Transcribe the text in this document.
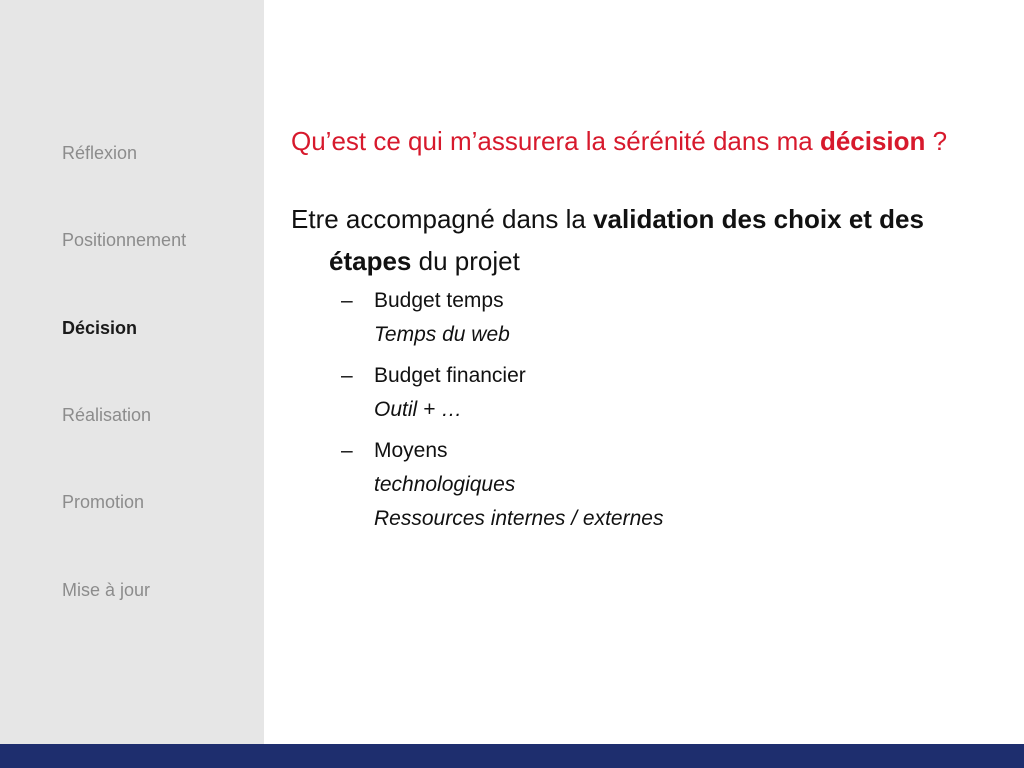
Réflexion
Positionnement
Décision
Réalisation
Promotion
Mise à jour
Qu’est ce qui m’assurera la sérénité dans ma décision ?
Etre accompagné dans la validation des choix et des étapes du projet
– Budget temps
Temps du web
– Budget financier
Outil + …
– Moyens
technologiques
Ressources internes / externes
